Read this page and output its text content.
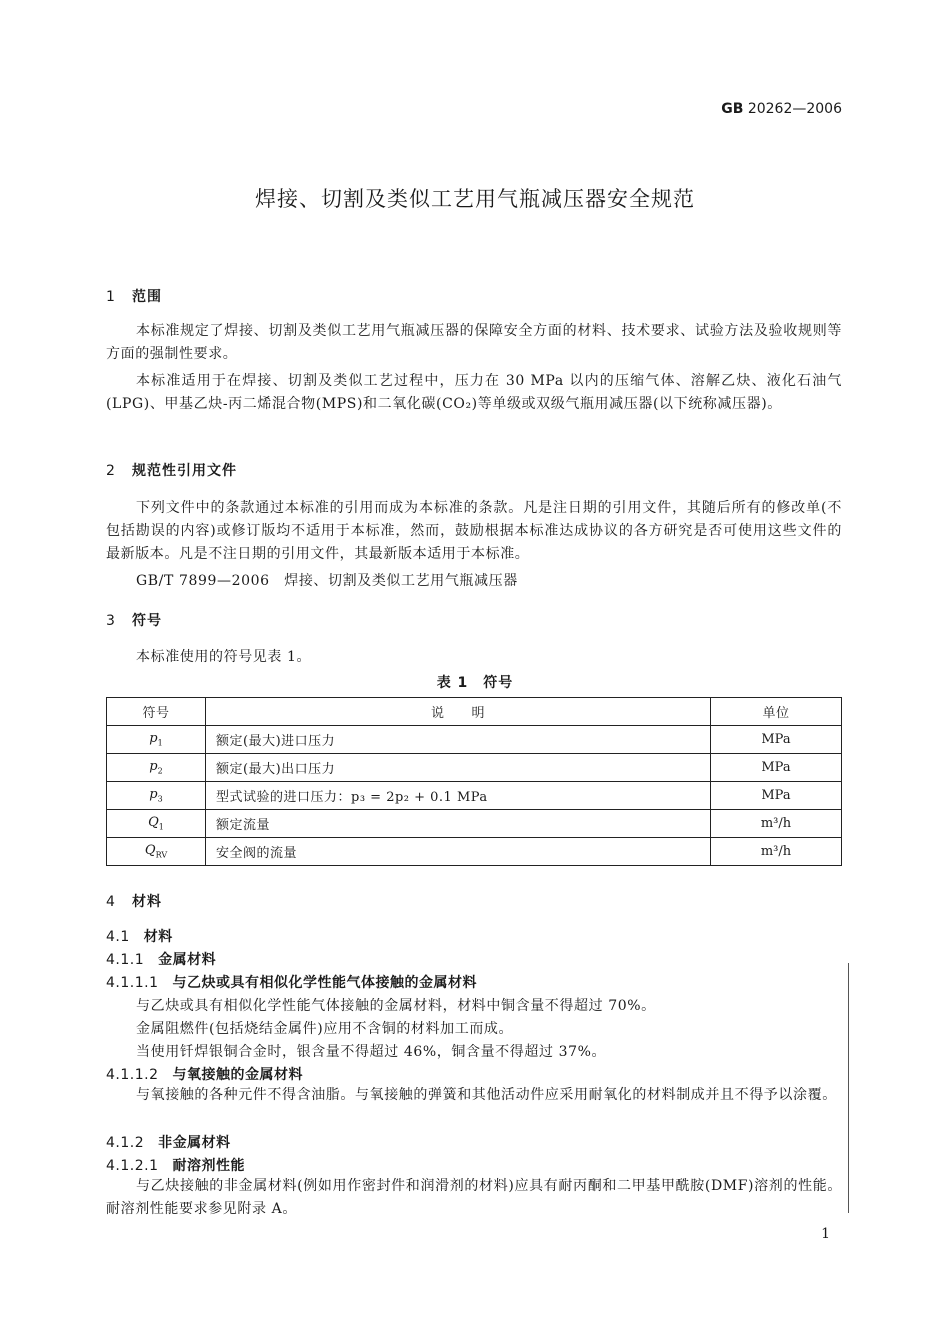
GB 20262—2006
焊接、切割及类似工艺用气瓶减压器安全规范
1 范围
本标准规定了焊接、切割及类似工艺用气瓶减压器的保障安全方面的材料、技术要求、试验方法及验收规则等方面的强制性要求。
本标准适用于在焊接、切割及类似工艺过程中，压力在 30 MPa 以内的压缩气体、溶解乙炔、液化石油气(LPG)、甲基乙炔-丙二烯混合物(MPS)和二氧化碳(CO₂)等单级或双级气瓶用减压器(以下统称减压器)。
2 规范性引用文件
下列文件中的条款通过本标准的引用而成为本标准的条款。凡是注日期的引用文件，其随后所有的修改单(不包括勘误的内容)或修订版均不适用于本标准，然而，鼓励根据本标准达成协议的各方研究是否可使用这些文件的最新版本。凡是不注日期的引用文件，其最新版本适用于本标准。
GB/T 7899—2006　焊接、切割及类似工艺用气瓶减压器
3 符号
本标准使用的符号见表 1。
表 1　符号
符号	说　　明	单位
$p_1$	额定(最大)进口压力	MPa
$p_2$	额定(最大)出口压力	MPa
$p_3$	型式试验的进口压力：p₃ = 2p₂ + 0.1 MPa	MPa
$Q_1$	额定流量	m³/h
$Q_{RV}$	安全阀的流量	m³/h
4 材料
4.1 材料
4.1.1 金属材料
4.1.1.1 与乙炔或具有相似化学性能气体接触的金属材料
与乙炔或具有相似化学性能气体接触的金属材料，材料中铜含量不得超过 70%。
金属阻燃件(包括烧结金属件)应用不含铜的材料加工而成。
当使用钎焊银铜合金时，银含量不得超过 46%，铜含量不得超过 37%。
4.1.1.2 与氧接触的金属材料
与氧接触的各种元件不得含油脂。与氧接触的弹簧和其他活动件应采用耐氧化的材料制成并且不得予以涂覆。
4.1.2 非金属材料
4.1.2.1 耐溶剂性能
与乙炔接触的非金属材料(例如用作密封件和润滑剂的材料)应具有耐丙酮和二甲基甲酰胺(DMF)溶剂的性能。耐溶剂性能要求参见附录 A。
1
